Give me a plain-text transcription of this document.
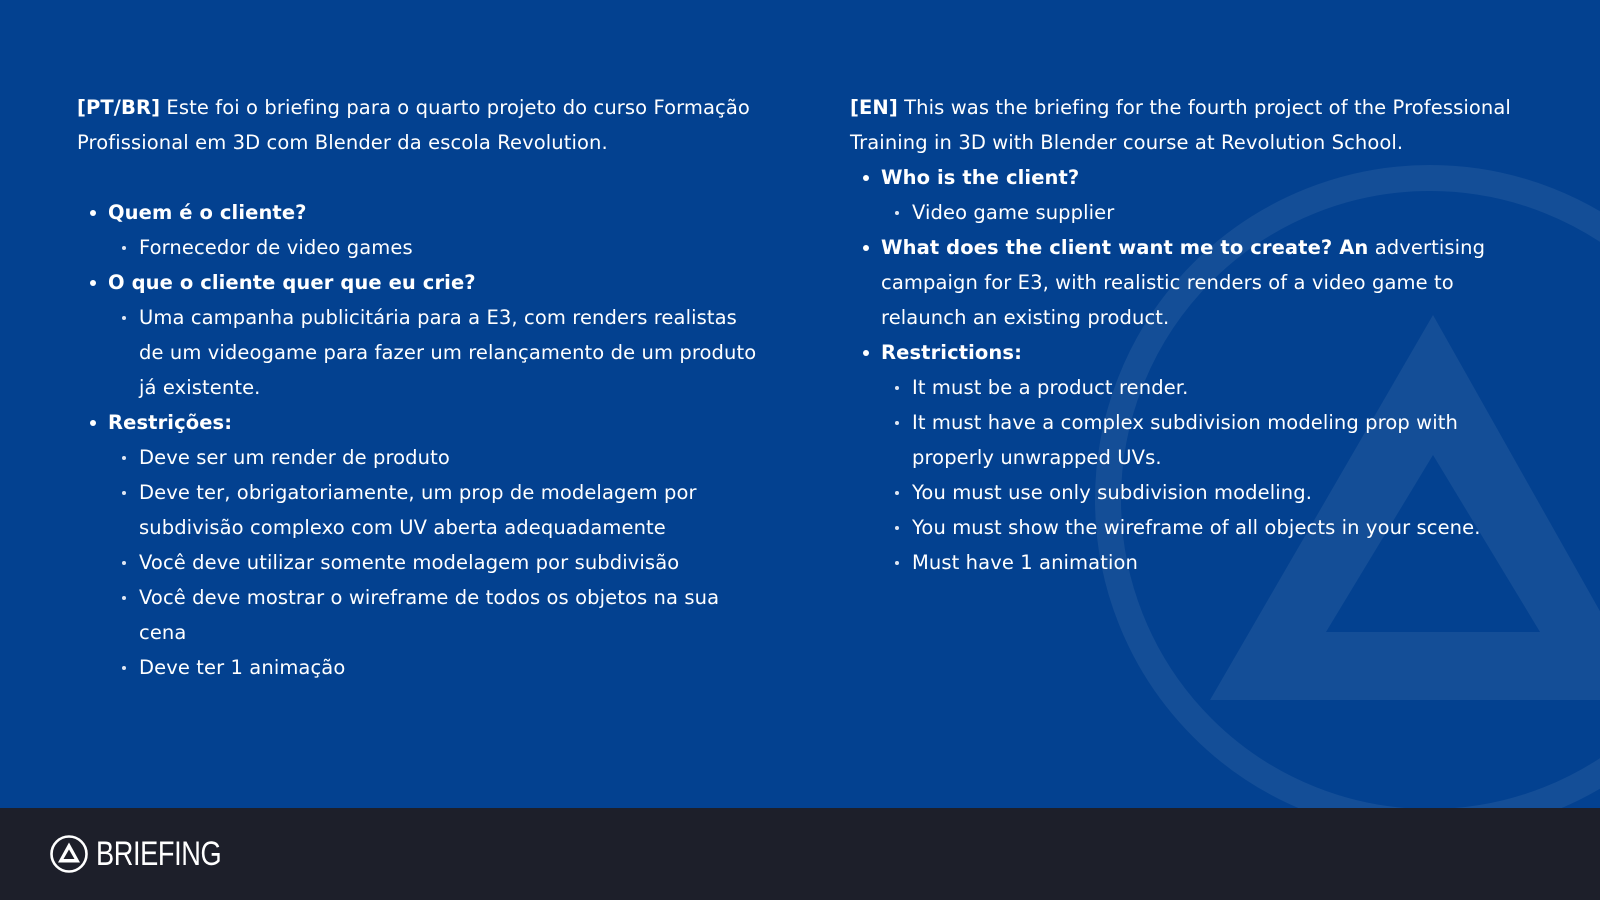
[PT/BR] Este foi o briefing para o quarto projeto do curso Formação Profissional em 3D com Blender da escola Revolution.

Quem é o cliente?
Fornecedor de video games
O que o cliente quer que eu crie?
Uma campanha publicitária para a E3, com renders realistas de um videogame para fazer um relançamento de um produto já existente.
Restrições:
Deve ser um render de produto
Deve ter, obrigatoriamente, um prop de modelagem por subdivisão complexo com UV aberta adequadamente
Você deve utilizar somente modelagem por subdivisão
Você deve mostrar o wireframe de todos os objetos na sua cena
Deve ter 1 animação

[EN] This was the briefing for the fourth project of the Professional Training in 3D with Blender course at Revolution School.

Who is the client?
Video game supplier
What does the client want me to create? An advertising campaign for E3, with realistic renders of a video game to relaunch an existing product.
Restrictions:
It must be a product render.
It must have a complex subdivision modeling prop with properly unwrapped UVs.
You must use only subdivision modeling.
You must show the wireframe of all objects in your scene.
Must have 1 animation
BRIEFING
